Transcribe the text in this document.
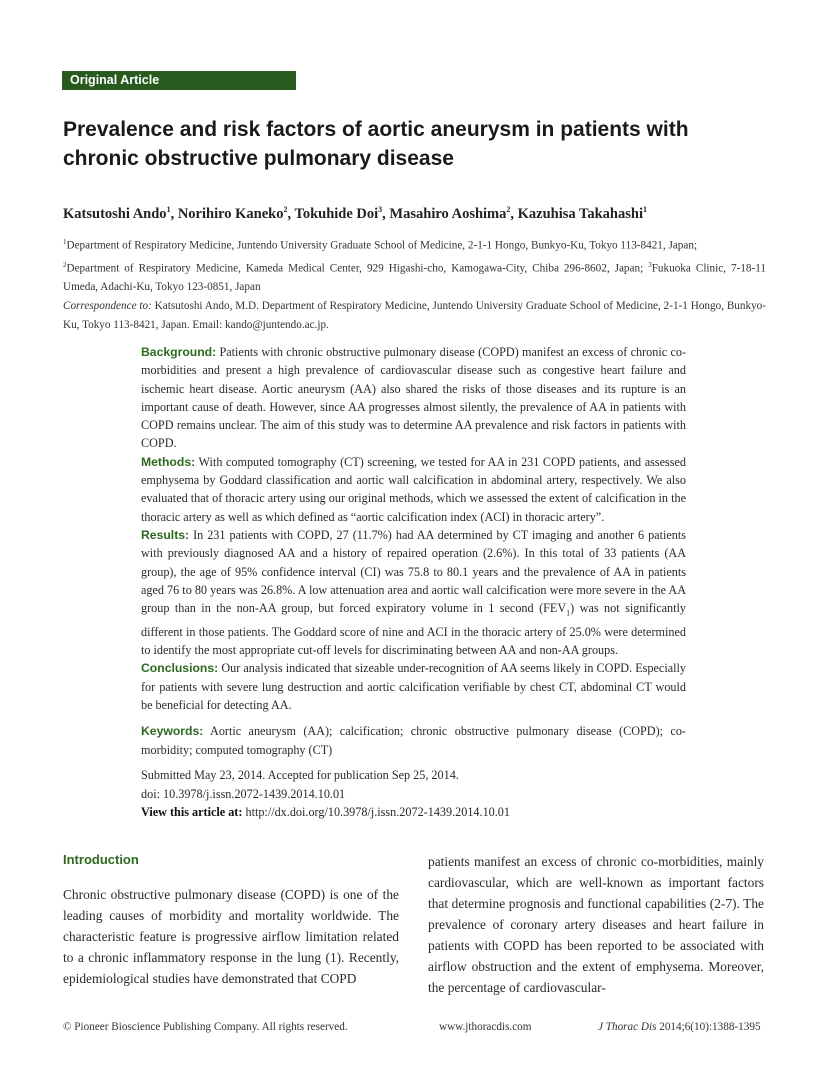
Original Article
Prevalence and risk factors of aortic aneurysm in patients with chronic obstructive pulmonary disease
Katsutoshi Ando$^1$, Norihiro Kaneko$^2$, Tokuhide Doi$^3$, Masahiro Aoshima$^2$, Kazuhisa Takahashi$^1$
$^1$Department of Respiratory Medicine, Juntendo University Graduate School of Medicine, 2-1-1 Hongo, Bunkyo-Ku, Tokyo 113-8421, Japan;
$^2$Department of Respiratory Medicine, Kameda Medical Center, 929 Higashi-cho, Kamogawa-City, Chiba 296-8602, Japan; $^3$Fukuoka Clinic, 7-18-11 Umeda, Adachi-Ku, Tokyo 123-0851, Japan
Correspondence to: Katsutoshi Ando, M.D. Department of Respiratory Medicine, Juntendo University Graduate School of Medicine, 2-1-1 Hongo, Bunkyo-Ku, Tokyo 113-8421, Japan. Email: kando@juntendo.ac.jp.

Background: Patients with chronic obstructive pulmonary disease (COPD) manifest an excess of chronic co-morbidities and present a high prevalence of cardiovascular disease such as congestive heart failure and ischemic heart disease. Aortic aneurysm (AA) also shared the risks of those diseases and its rupture is an important cause of death. However, since AA progresses almost silently, the prevalence of AA in patients with COPD remains unclear. The aim of this study was to determine AA prevalence and risk factors in patients with COPD.

Methods: With computed tomography (CT) screening, we tested for AA in 231 COPD patients, and assessed emphysema by Goddard classification and aortic wall calcification in abdominal artery, respectively. We also evaluated that of thoracic artery using our original methods, which we assessed the extent of calcification in the thoracic artery as well as which defined as “aortic calcification index (ACI) in thoracic artery”.

Results: In 231 patients with COPD, 27 (11.7%) had AA determined by CT imaging and another 6 patients with previously diagnosed AA and a history of repaired operation (2.6%). In this total of 33 patients (AA group), the age of 95% confidence interval (CI) was 75.8 to 80.1 years and the prevalence of AA in patients aged 76 to 80 years was 26.8%. A low attenuation area and aortic wall calcification were more severe in the AA group than in the non-AA group, but forced expiratory volume in 1 second $(FEV_1)$ was not significantly different in those patients. The Goddard score of nine and ACI in the thoracic artery of 25.0% were determined to identify the most appropriate cut-off levels for discriminating between AA and non-AA groups.

Conclusions: Our analysis indicated that sizeable under-recognition of AA seems likely in COPD. Especially for patients with severe lung destruction and aortic calcification verifiable by chest CT, abdominal CT would be beneficial for detecting AA.

Keywords: Aortic aneurysm (AA); calcification; chronic obstructive pulmonary disease (COPD); co-morbidity; computed tomography (CT)

Submitted May 23, 2014. Accepted for publication Sep 25, 2014.
doi: 10.3978/j.issn.2072-1439.2014.10.01
View this article at: http://dx.doi.org/10.3978/j.issn.2072-1439.2014.10.01
Introduction
Chronic obstructive pulmonary disease (COPD) is one of the leading causes of morbidity and mortality worldwide. The characteristic feature is progressive airflow limitation related to a chronic inflammatory response in the lung (1). Recently, epidemiological studies have demonstrated that COPD
patients manifest an excess of chronic co-morbidities, mainly cardiovascular, which are well-known as important factors that determine prognosis and functional capabilities (2-7). The prevalence of coronary artery diseases and heart failure in patients with COPD has been reported to be associated with airflow obstruction and the extent of emphysema. Moreover, the percentage of cardiovascular-
© Pioneer Bioscience Publishing Company. All rights reserved.	www.jthoracdis.com	J Thorac Dis 2014;6(10):1388-1395
